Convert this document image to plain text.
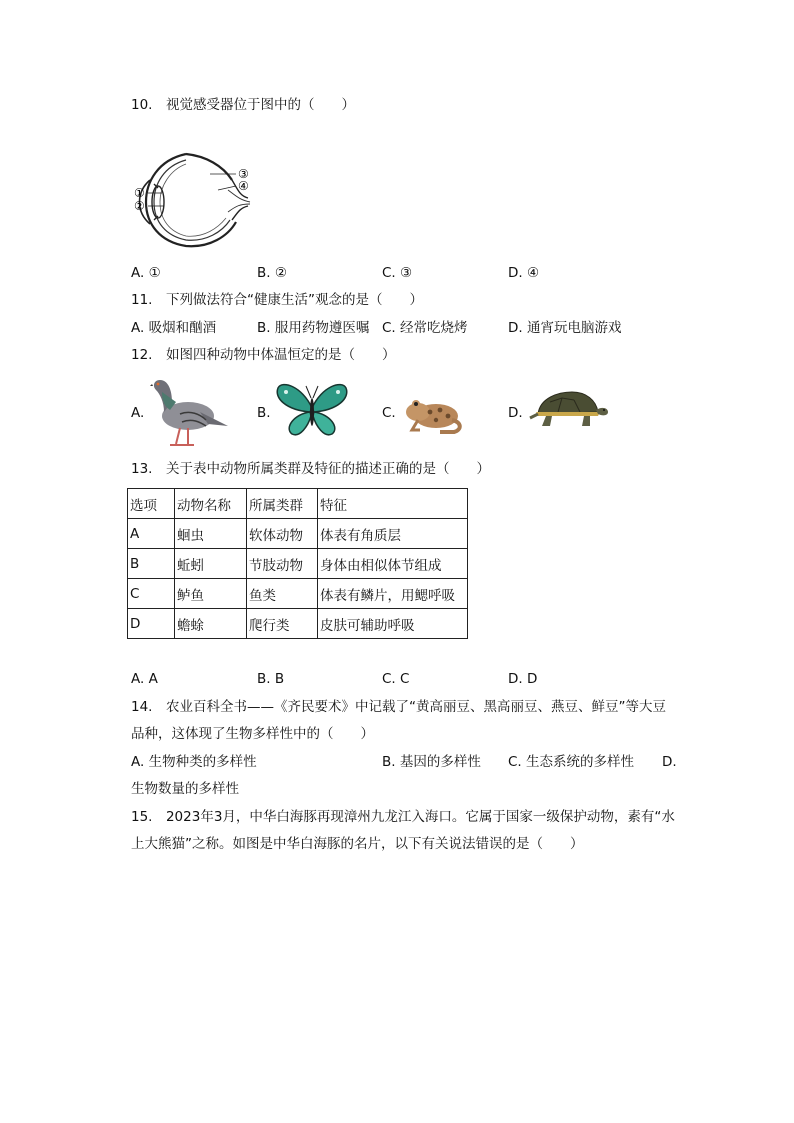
10.　视觉感受器位于图中的（　　）
①
②
③
④
A. ①	B. ②	C. ③	D. ④
11.　下列做法符合“健康生活”观念的是（　　）
A. 吸烟和酗酒	B. 服用药物遵医嘱 C. 经常吃烧烤	D. 通宵玩电脑游戏
12.　如图四种动物中体温恒定的是（　　）
A.	B.	C.	D.
13.　关于表中动物所属类群及特征的描述正确的是（　　）
选项	动物名称	所属类群	特征
A	蛔虫	软体动物	体表有角质层
B	蚯蚓	节肢动物	身体由相似体节组成
C	鲈鱼	鱼类	体表有鳞片，用鳃呼吸
D	蟾蜍	爬行类	皮肤可辅助呼吸
A. A	B. B	C. C	D. D
14.　农业百科全书——《齐民要术》中记载了“黄高丽豆、黑高丽豆、燕豆、鲜豆”等大豆
品种，这体现了生物多样性中的（　　）
A. 生物种类的多样性	B. 基因的多样性 C. 生态系统的多样性 D.
生物数量的多样性
15.　2023年3月，中华白海豚再现漳州九龙江入海口。它属于国家一级保护动物，素有“水
上大熊猫”之称。如图是中华白海豚的名片，以下有关说法错误的是（　　）
